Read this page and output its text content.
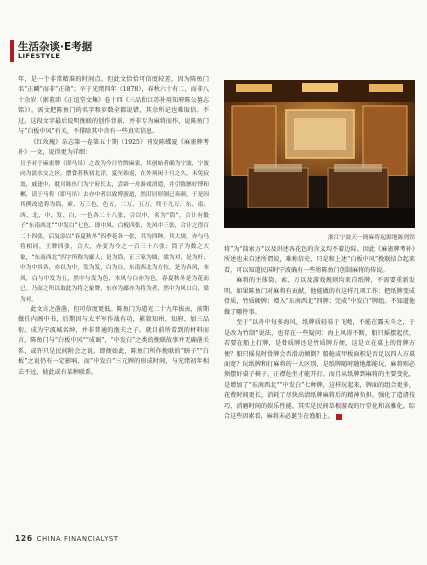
生活杂谈·E考据
LIFESTYLE

年，是一个非常精准的时间点。但此文恰恰可信度较差，因为陈鱼门名“正麟”而非“正勋”；卒于光绪四年（1878），春秋六十有二，而非八十余岁（据董沛《正谊堂文集》卷十四《三品衔江苏补用知府陈公墓志铭》）。需文把陈鱼门的名字和岁数全都说错，其余所记也难取信。不过，这段文字最后说明挽联的创作背景，并非专为麻将而作，说陈鱼门与“白板中风”有关，不排除其中含有一些真实信息。

《红玫瑰》杂志第一卷第五十期（1925）刊发陈蝶夏《麻雀牌考补》一文，说得更为详细：

且予对于麻雀牌（即马吊）之改为今日竹牌麻雀，其创始者确为宁波，宁波向为淡水交之区，摆食者秋初北洋，夏至始返，在外须闲十月之久，未免寂寞，戚逢中，耽川陈鱼门为宁府长太，尝辟一舟游戏消遣，并引陈骸好博和郴，请于马将（即马吊）去亦中者以致博游道，然旧居形制已奏颜，于是因其例改造将为筒、索、万三色，色五，二万、五万，终于九万、东、南、西、北、中、发、白，一色各二十八张，合以中，名为“筒”，合计有骰子“东南西北”“中发白”七色，即中风、白板四张，先风中三张，合计之得百二十四张，后复添以“春夏秋冬”四季花各一张，共为四种。其大规，亦与马将相同，王牌四张，合大，亦变为今之一百三十六张；筒子为数之大象，“东南西北”四字所称为鄙人；是为筒，正三家为圆，梁为对，是为杆；中为中其各，亦以为中，发为发，白为白，东南西北为方位，是为各风，本风，白与中发为五，然中与发为色，本风与白亦为色，春夏秋冬是为花而已。乃而之所以取此为将之象牌，东亦为鄙亦为将为者，然中为风口白，梁为对。

此文言之凿凿，但可信度更低。陈鱼门为道光二十九年拔贡，前期做任内阁中书，后期因与太平军作战有功，累叙知州、知府、加三品衔。成为宁波城名绅，并非普通的渔夫之子。就目前所看到的材料而言，陈鱼门与“白板中风”“成谒”，“中发白”之类的挽联故事并无确凿关系，或许只是民间附会之说。即便如此，陈鱼门所作挽联的“瞎子”“白板”之说仍有一定影响，而“中发白”三元牌的形成时间，与光绪初年相去不远，彼此或有某种联系。

浙江宁波天一阁麻将起源地陈列馆

将”为“筒索万”以及讲述各花色的含义均不着边际。因此《麻雀牌考补》所述也未自述所谓说，难称信史，只是和上述“白板中风”挽联结合起来看，可以知道民国时宁波确有一些将陈鱼门创制麻将的传说。

麻将的主体筒、索、万以及游戏规则均来自纸牌，不需要重新发明。如果陈鱼门对麻将有贡献，他能做的有这样几项工作：把纸牌变成骨质、竹质硬牌；增入“东南西北”四牌；完成“中发白”牌组。不知道他做了哪件事。

至于“以舟中每多海风，纸牌质轻易于飞飏，不能在露天斗之，于是改为竹制”说法，也存在一些疑问：海上风涛不断，船只摇摆起伏，若要在船上打牌，是骨质牌还是竹质牌方便，这是立在桌上的骨牌方便？船只摇晃时骨牌会否滑动倾倒？船舱或甲板面积是否足以四人方桌面宽？玩纸牌和打麻将的一大区别，是纸牌随时随地都能玩，麻将则必须摆好桌子椅子，正襟危坐才能开打。而且从纸牌到麻将的主要变化，是增加了“东南西北”“中发白”七种牌，这样玩起来，牌面的组合更多，花费时间更长，消耗了尽快出清纸牌麻将后的精神负担。强化了造诸技巧、消磨时间的娱乐性能。其实是民间草根游戏的厅堂化和高雅化。综合这些因素看，麻将未必诞生在渔船上。

126 CHINA FINANCIALYST
